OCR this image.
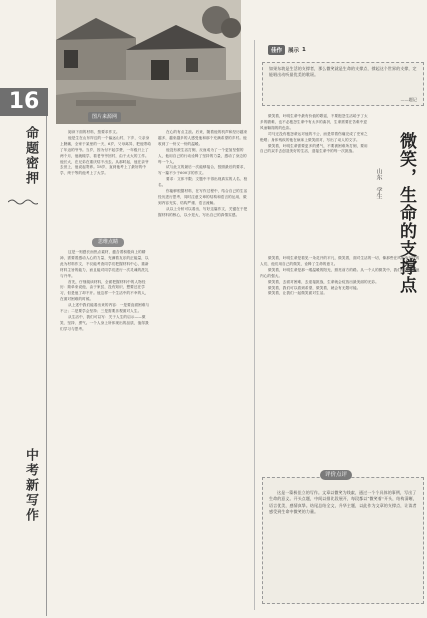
图片来源网
16
命题密押
中考新写作

阅读下面的材料，按要求作文。

他是生在山东岸边的一个偏远山村，下乡，父亲身上膀痛，全家于某里的一天，6岁，父母离异，把他寄给了年迈的爷爷。当岁，因为付不起学费，一年级只上了两个月，他就辍学，看老爷爷回村，由于太大的工作。他长大，在兄弟在重庆结不出去。从那时起，他在亲爷去世上，他说起寄养。18岁，直到他考上了最好的中学，终于等的他考上了大学。

思维点睛

这是一则感长而热点素材，蕴含着积极向上的精神，需要着感动人心的力量，充满着友乐的正能量，以此为材料作文，不仅能考查同学们把握材料中心，重新材料主旨的能力，而且能对同学们进行一次灵魂的洗礼与升华。

首先，仔细阅读材料，全面把握材料中的人物经历：简单来说他，由于家贫，没有知识，想要还在学习，但是他了却不开。他这样一个生活中的不幸的人，在面对困难的时候。

从上述中我们能看出来的内容：一是要直面困难与不公；二是要学会坚持；三是需要乐观面对人生。

从生活中，我们可以写：关于人生的启示——微笑、坚持、勇气。一个人身上所体现出的品质，值得我们学习与思考。

在心的有点主浪。后来，随着他的机声和经历越来越多，越来越多的人感受他和那个充满希望的乡村。他收到了一份又一份的温暖。

他没有被生活打倒，反而成为了一个更加坚强的人，他用自己的行动诠释了坚持的力量，感动了身边的每一个人。

试与此文的最后一次能够接合，按照最后的要求，写一篇不少于600字的作文。

要求：文体不限；文题中不得出现真实的人名、校名。

你能够根据材料，在写作过程中，结合自己的生活经历进行思考，同时注意文章的结构和语言的运用，做到内容充实、结构严谨、语言流畅。

从以上分析可以看出，写好这篇作文，关键在于把握材料的核心，以小见大，写出自己的真情实感。

佳作	展示 1
如果东坡是生活的支撑者，那么微笑就是生命的支撑点，撑起这个世界的支撑，定能唱出动听最优美的歌谣。
——题记

微笑着，叶明生命中最有价值的歌谣，不要抱怨生活给予了太多的磨难，也不必抱怨生命中有太多的曲折，生命需要在苦难中逆风而翱翔的的色彩。

司马迁没有抱怨命运对他的不公，而是带着伤痛完成了史家之绝唱；身体残疾的他在病床上微笑面对，写出了动人的文字。

微笑着，叶明生命需要更多的勇气，不要被困难所打倒，要用自己的双手去创造美好的生活，迎接生命中的每一次挑战。	微笑，生命的支撑点
山东 学生

微笑着，叶明生命是看见一朵花开的平凡，微笑着，面对生活的一切，像那些在风雨中坚持的人们，他们用自己的微笑，诠释了生命的意义。

微笑着，叶明生命是那一缕温暖的阳光，照亮前方的路。从一个人的微笑中，我们可以看到他内心的强大。

微笑着，去面对困难，去迎接挑战，生命就会绽放出最美丽的光彩。

微笑着，我们可以看到希望，微笑着，就会有无限可能。

微笑着，让我们一起微笑面对生活。

这是一篇极佳立的写作。文章以微笑为线索，通过一个个具体的事例，写出了生命的意义。开头点题，中间以排比段展开，每段都以“微笑着”开头，结构清晰，语言优美，感情真挚。结尾总结全文，升华主题，以此作为文章的支撑点，让读者感受到生命中微笑的力量。
评价点评
